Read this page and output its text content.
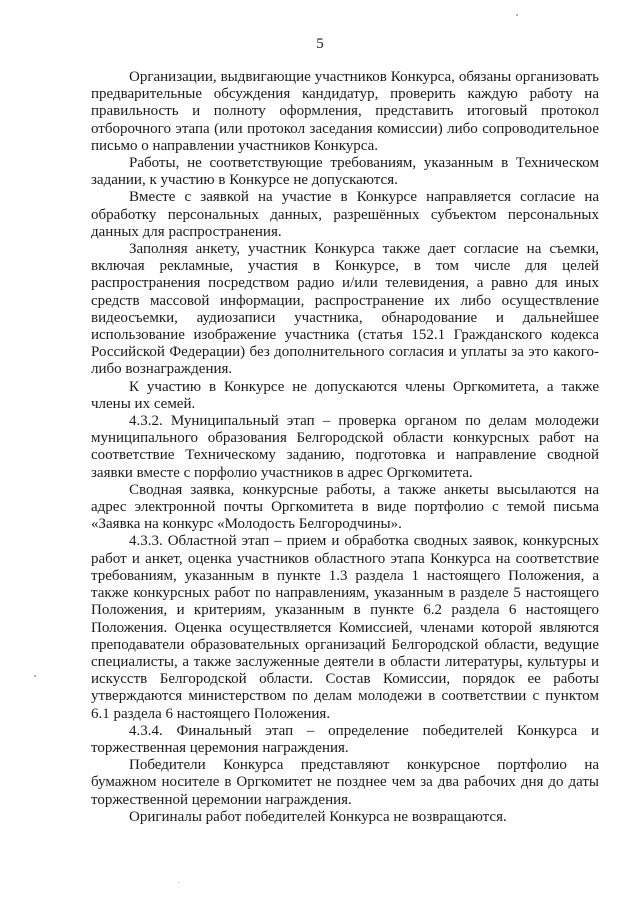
5

Организации, выдвигающие участников Конкурса, обязаны организовать предварительные обсуждения кандидатур, проверить каждую работу на правильность и полноту оформления, представить итоговый протокол отборочного этапа (или протокол заседания комиссии) либо сопроводительное письмо о направлении участников Конкурса.

Работы, не соответствующие требованиям, указанным в Техническом задании, к участию в Конкурсе не допускаются.

Вместе с заявкой на участие в Конкурсе направляется согласие на обработку персональных данных, разрешённых субъектом персональных данных для распространения.

Заполняя анкету, участник Конкурса также дает согласие на съемки, включая рекламные, участия в Конкурсе, в том числе для целей распространения посредством радио и/или телевидения, а равно для иных средств массовой информации, распространение их либо осуществление видеосъемки, аудиозаписи участника, обнародование и дальнейшее использование изображение участника (статья 152.1 Гражданского кодекса Российской Федерации) без дополнительного согласия и уплаты за это какого-либо вознаграждения.

К участию в Конкурсе не допускаются члены Оргкомитета, а также члены их семей.

4.3.2. Муниципальный этап – проверка органом по делам молодежи муниципального образования Белгородской области конкурсных работ на соответствие Техническому заданию, подготовка и направление сводной заявки вместе с порфолио участников в адрес Оргкомитета.

Сводная заявка, конкурсные работы, а также анкеты высылаются на адрес электронной почты Оргкомитета в виде портфолио с темой письма «Заявка на конкурс «Молодость Белгородчины».

4.3.3. Областной этап – прием и обработка сводных заявок, конкурсных работ и анкет, оценка участников областного этапа Конкурса на соответствие требованиям, указанным в пункте 1.3 раздела 1 настоящего Положения, а также конкурсных работ по направлениям, указанным в разделе 5 настоящего Положения, и критериям, указанным в пункте 6.2 раздела 6 настоящего Положения. Оценка осуществляется Комиссией, членами которой являются преподаватели образовательных организаций Белгородской области, ведущие специалисты, а также заслуженные деятели в области литературы, культуры и искусств Белгородской области. Состав Комиссии, порядок ее работы утверждаются министерством по делам молодежи в соответствии с пунктом 6.1 раздела 6 настоящего Положения.

4.3.4. Финальный этап – определение победителей Конкурса и торжественная церемония награждения.

Победители Конкурса представляют конкурсное портфолио на бумажном носителе в Оргкомитет не позднее чем за два рабочих дня до даты торжественной церемонии награждения.

Оригиналы работ победителей Конкурса не возвращаются.
